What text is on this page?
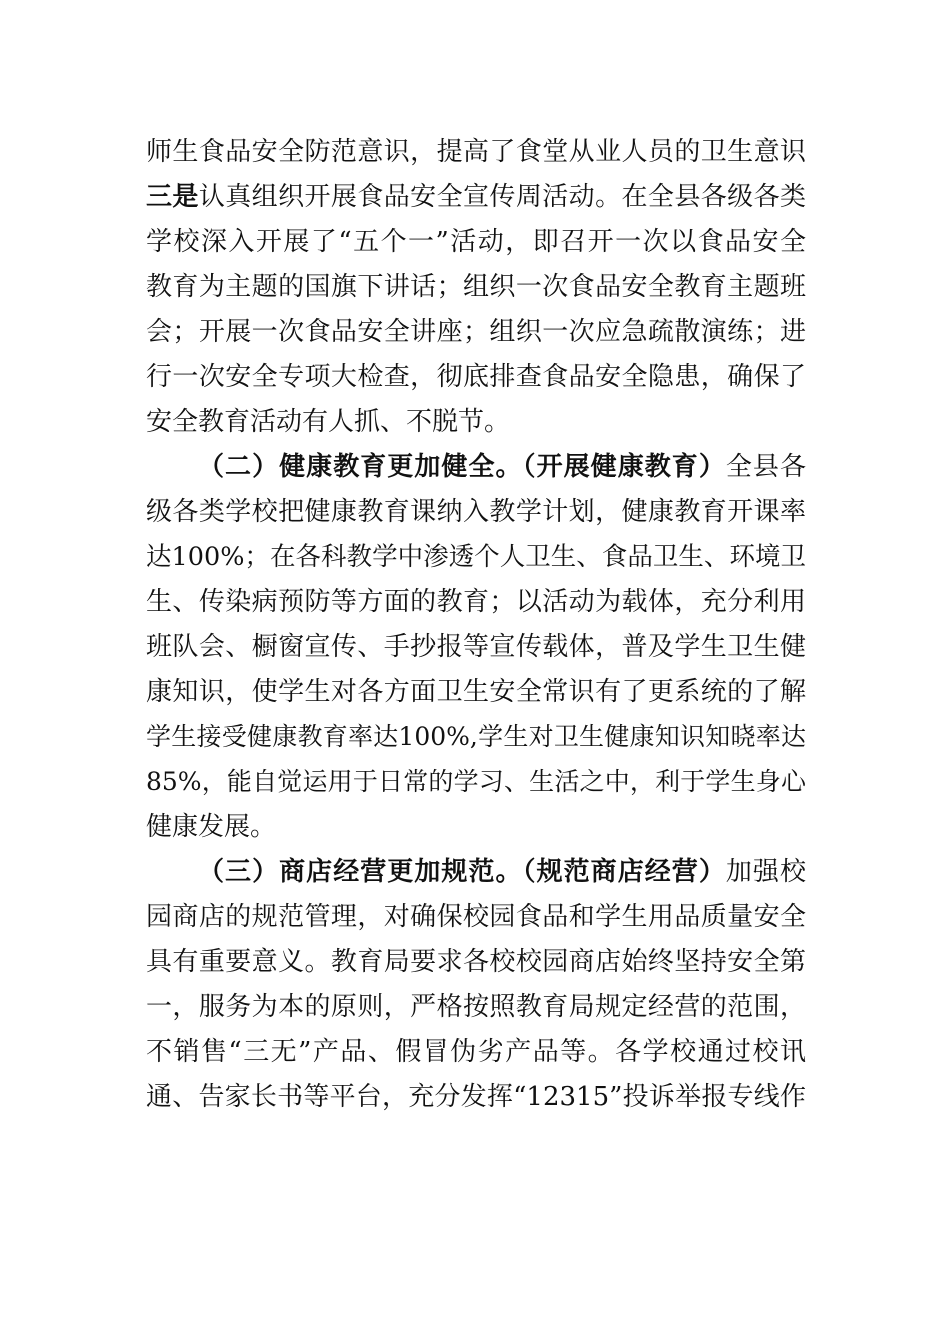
师生食品安全防范意识，提高了食堂从业人员的卫生意识
三是认真组织开展食品安全宣传周活动。在全县各级各类
学校深入开展了“五个一”活动，即召开一次以食品安全
教育为主题的国旗下讲话；组织一次食品安全教育主题班
会；开展一次食品安全讲座；组织一次应急疏散演练；进
行一次安全专项大检查，彻底排查食品安全隐患，确保了
安全教育活动有人抓、不脱节。
（二）健康教育更加健全。（开展健康教育）全县各
级各类学校把健康教育课纳入教学计划，健康教育开课率
达100%；在各科教学中渗透个人卫生、食品卫生、环境卫
生、传染病预防等方面的教育；以活动为载体，充分利用
班队会、橱窗宣传、手抄报等宣传载体，普及学生卫生健
康知识，使学生对各方面卫生安全常识有了更系统的了解
学生接受健康教育率达100%,学生对卫生健康知识知晓率达
85%，能自觉运用于日常的学习、生活之中，利于学生身心
健康发展。
（三）商店经营更加规范。（规范商店经营）加强校
园商店的规范管理，对确保校园食品和学生用品质量安全
具有重要意义。教育局要求各校校园商店始终坚持安全第
一，服务为本的原则，严格按照教育局规定经营的范围，
不销售“三无”产品、假冒伪劣产品等。各学校通过校讯
通、告家长书等平台，充分发挥“12315”投诉举报专线作
